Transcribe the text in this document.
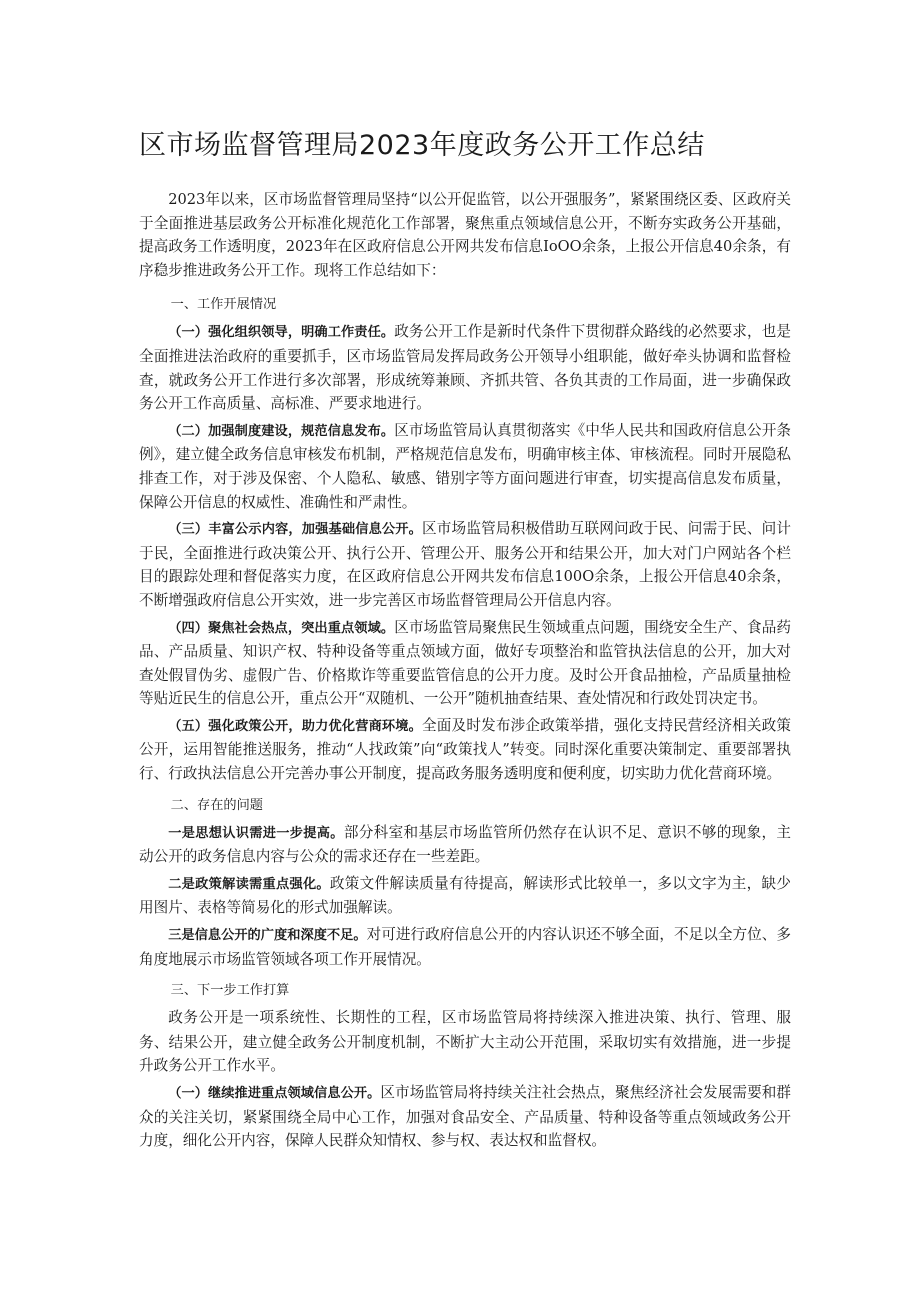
区市场监督管理局2023年度政务公开工作总结

2023年以来，区市场监督管理局坚持“以公开促监管，以公开强服务”，紧紧围绕区委、区政府关于全面推进基层政务公开标准化规范化工作部署，聚焦重点领域信息公开，不断夯实政务公开基础，提高政务工作透明度，2023年在区政府信息公开网共发布信息IoOO余条，上报公开信息40余条，有序稳步推进政务公开工作。现将工作总结如下：

一、工作开展情况

（一）强化组织领导，明确工作责任。政务公开工作是新时代条件下贯彻群众路线的必然要求，也是全面推进法治政府的重要抓手，区市场监管局发挥局政务公开领导小组职能，做好牵头协调和监督检查，就政务公开工作进行多次部署，形成统筹兼顾、齐抓共管、各负其责的工作局面，进一步确保政务公开工作高质量、高标准、严要求地进行。

（二）加强制度建设，规范信息发布。区市场监管局认真贯彻落实《中华人民共和国政府信息公开条例》，建立健全政务信息审核发布机制，严格规范信息发布，明确审核主体、审核流程。同时开展隐私排查工作，对于涉及保密、个人隐私、敏感、错别字等方面问题进行审查，切实提高信息发布质量，保障公开信息的权威性、准确性和严肃性。

（三）丰富公示内容，加强基础信息公开。区市场监管局积极借助互联网问政于民、问需于民、问计于民，全面推进行政决策公开、执行公开、管理公开、服务公开和结果公开，加大对门户网站各个栏目的跟踪处理和督促落实力度，在区政府信息公开网共发布信息100O余条，上报公开信息40余条，不断增强政府信息公开实效，进一步完善区市场监督管理局公开信息内容。

（四）聚焦社会热点，突出重点领域。区市场监管局聚焦民生领域重点问题，围绕安全生产、食品药品、产品质量、知识产权、特种设备等重点领域方面，做好专项整治和监管执法信息的公开，加大对查处假冒伪劣、虚假广告、价格欺诈等重要监管信息的公开力度。及时公开食品抽检，产品质量抽检等贴近民生的信息公开，重点公开“双随机、一公开”随机抽查结果、查处情况和行政处罚决定书。

（五）强化政策公开，助力优化营商环境。全面及时发布涉企政策举措，强化支持民营经济相关政策公开，运用智能推送服务，推动“人找政策”向“政策找人”转变。同时深化重要决策制定、重要部署执行、行政执法信息公开完善办事公开制度，提高政务服务透明度和便利度，切实助力优化营商环境。

二、存在的问题

一是思想认识需进一步提高。部分科室和基层市场监管所仍然存在认识不足、意识不够的现象，主动公开的政务信息内容与公众的需求还存在一些差距。

二是政策解读需重点强化。政策文件解读质量有待提高，解读形式比较单一，多以文字为主，缺少用图片、表格等简易化的形式加强解读。

三是信息公开的广度和深度不足。对可进行政府信息公开的内容认识还不够全面，不足以全方位、多角度地展示市场监管领域各项工作开展情况。

三、下一步工作打算

政务公开是一项系统性、长期性的工程，区市场监管局将持续深入推进决策、执行、管理、服务、结果公开，建立健全政务公开制度机制，不断扩大主动公开范围，采取切实有效措施，进一步提升政务公开工作水平。

（一）继续推进重点领域信息公开。区市场监管局将持续关注社会热点，聚焦经济社会发展需要和群众的关注关切，紧紧围绕全局中心工作，加强对食品安全、产品质量、特种设备等重点领域政务公开力度，细化公开内容，保障人民群众知情权、参与权、表达权和监督权。
